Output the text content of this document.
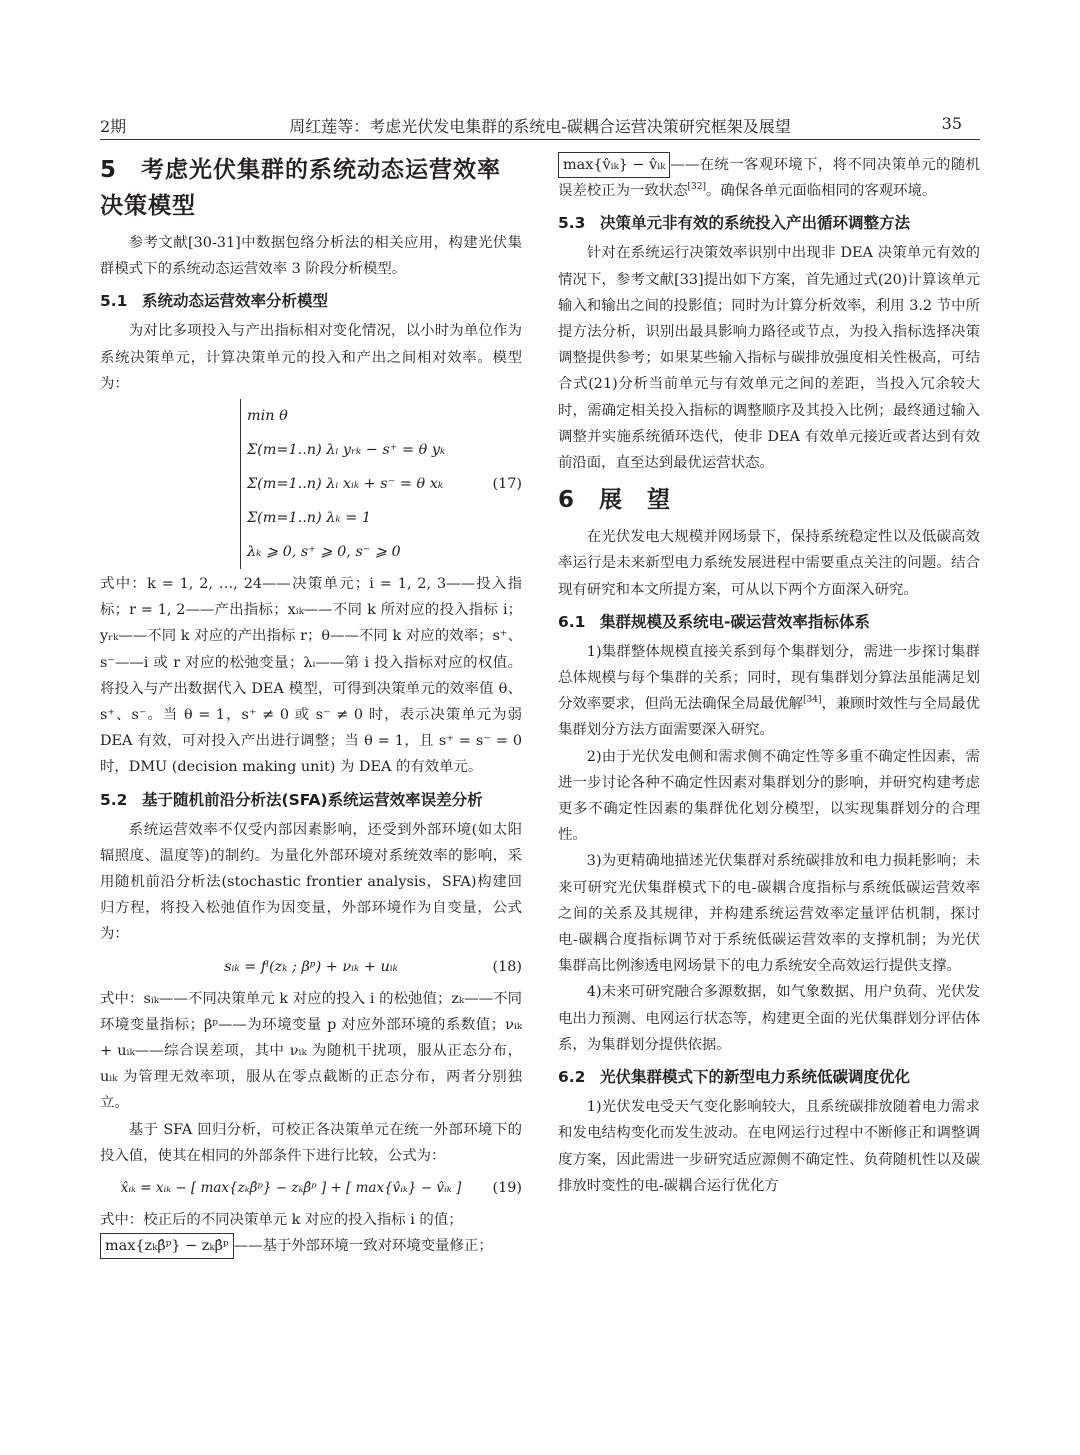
2期	周红莲等：考虑光伏发电集群的系统电-碳耦合运营决策研究框架及展望	35
5　考虑光伏集群的系统动态运营效率决策模型

参考文献[30-31]中数据包络分析法的相关应用，构建光伏集群模式下的系统动态运营效率 3 阶段分析模型。

5.1 系统动态运营效率分析模型

为对比多项投入与产出指标相对变化情况，以小时为单位作为系统决策单元，计算决策单元的投入和产出之间相对效率。模型为：

min θ
Σ(m=1..n) λᵢ yᵣₖ − s⁺ = θ yₖ
Σ(m=1..n) λᵢ xᵢₖ + s⁻ = θ xₖ
Σ(m=1..n) λₖ = 1
λₖ ⩾ 0, s⁺ ⩾ 0, s⁻ ⩾ 0
(17)

式中：k = 1, 2, …, 24——决策单元；i = 1, 2, 3——投入指标；r = 1, 2——产出指标；xᵢₖ——不同 k 所对应的投入指标 i；yᵣₖ——不同 k 对应的产出指标 r；θ——不同 k 对应的效率；s⁺、s⁻——i 或 r 对应的松弛变量；λᵢ——第 i 投入指标对应的权值。将投入与产出数据代入 DEA 模型，可得到决策单元的效率值 θ、s⁺、s⁻。当 θ = 1，s⁺ ≠ 0 或 s⁻ ≠ 0 时，表示决策单元为弱 DEA 有效，可对投入产出进行调整；当 θ = 1，且 s⁺ = s⁻ = 0 时，DMU (decision making unit) 为 DEA 的有效单元。

5.2 基于随机前沿分析法(SFA)系统运营效率误差分析

系统运营效率不仅受内部因素影响，还受到外部环境(如太阳辐照度、温度等)的制约。为量化外部环境对系统效率的影响，采用随机前沿分析法(stochastic frontier analysis，SFA)构建回归方程，将投入松弛值作为因变量，外部环境作为自变量，公式为：

sᵢₖ = fⁱ(zₖ ; βᵖ) + νᵢₖ + uᵢₖ	(18)

式中：sᵢₖ——不同决策单元 k 对应的投入 i 的松弛值；zₖ——不同环境变量指标；βᵖ——为环境变量 p 对应外部环境的系数值；νᵢₖ + uᵢₖ——综合误差项，其中 νᵢₖ 为随机干扰项，服从正态分布，uᵢₖ 为管理无效率项，服从在零点截断的正态分布，两者分别独立。

基于 SFA 回归分析，可校正各决策单元在统一外部环境下的投入值，使其在相同的外部条件下进行比较，公式为：

x̂ᵢₖ = xᵢₖ − [ max{zₖβ̂ᵖ} − zₖβ̂ᵖ ] + [ max{v̂ᵢₖ} − v̂ᵢₖ ]	(19)

式中：校正后的不同决策单元 k 对应的投入指标 i 的值；

max{zₖβ̂ᵖ} − zₖβ̂ᵖ ——基于外部环境一致对环境变量修正；

max{v̂ᵢₖ} − v̂ᵢₖ ——在统一客观环境下，将不同决策单元的随机误差校正为一致状态[32]。确保各单元面临相同的客观环境。

5.3 决策单元非有效的系统投入产出循环调整方法

针对在系统运行决策效率识别中出现非 DEA 决策单元有效的情况下，参考文献[33]提出如下方案，首先通过式(20)计算该单元输入和输出之间的投影值；同时为计算分析效率，利用 3.2 节中所提方法分析，识别出最具影响力路径或节点，为投入指标选择决策调整提供参考；如果某些输入指标与碳排放强度相关性极高，可结合式(21)分析当前单元与有效单元之间的差距，当投入冗余较大时，需确定相关投入指标的调整顺序及其投入比例；最终通过输入调整并实施系统循环迭代，使非 DEA 有效单元接近或者达到有效前沿面，直至达到最优运营状态。

6　展　望

在光伏发电大规模并网场景下，保持系统稳定性以及低碳高效率运行是未来新型电力系统发展进程中需要重点关注的问题。结合现有研究和本文所提方案，可从以下两个方面深入研究。

6.1 集群规模及系统电-碳运营效率指标体系

1)集群整体规模直接关系到每个集群划分，需进一步探讨集群总体规模与每个集群的关系；同时，现有集群划分算法虽能满足划分效率要求，但尚无法确保全局最优解[34]，兼顾时效性与全局最优集群划分方法方面需要深入研究。

2)由于光伏发电侧和需求侧不确定性等多重不确定性因素，需进一步讨论各种不确定性因素对集群划分的影响，并研究构建考虑更多不确定性因素的集群优化划分模型，以实现集群划分的合理性。

3)为更精确地描述光伏集群对系统碳排放和电力损耗影响；未来可研究光伏集群模式下的电-碳耦合度指标与系统低碳运营效率之间的关系及其规律，并构建系统运营效率定量评估机制，探讨电-碳耦合度指标调节对于系统低碳运营效率的支撑机制；为光伏集群高比例渗透电网场景下的电力系统安全高效运行提供支撑。

4)未来可研究融合多源数据，如气象数据、用户负荷、光伏发电出力预测、电网运行状态等，构建更全面的光伏集群划分评估体系，为集群划分提供依据。

6.2 光伏集群模式下的新型电力系统低碳调度优化

1)光伏发电受天气变化影响较大，且系统碳排放随着电力需求和发电结构变化而发生波动。在电网运行过程中不断修正和调整调度方案，因此需进一步研究适应源侧不确定性、负荷随机性以及碳排放时变性的电-碳耦合运行优化方
